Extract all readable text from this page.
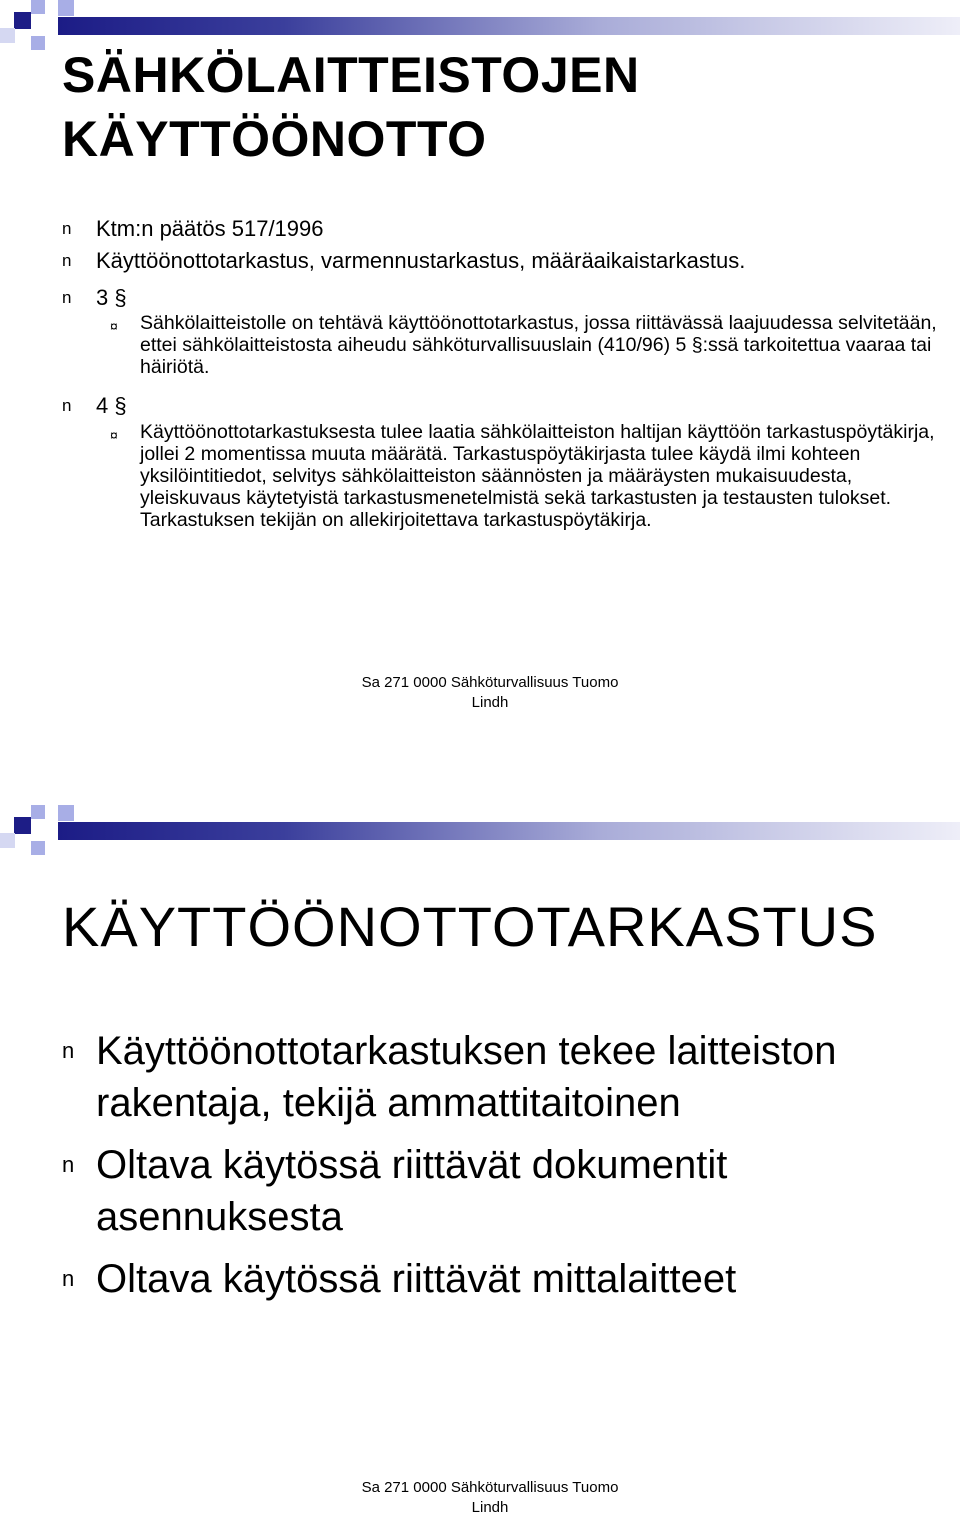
SÄHKÖLAITTEISTOJEN KÄYTTÖÖNOTTO
n Ktm:n päätös 517/1996
n Käyttöönottotarkastus, varmennustarkastus, määräaikaistarkastus.
n 3 §
¤ Sähkölaitteistolle on tehtävä käyttöönottotarkastus, jossa riittävässä laajuudessa selvitetään, ettei sähkölaitteistosta aiheudu sähköturvallisuuslain (410/96) 5 §:ssä tarkoitettua vaaraa tai häiriötä.
n 4 §
¤ Käyttöönottotarkastuksesta tulee laatia sähkölaitteiston haltijan käyttöön tarkastuspöytäkirja, jollei 2 momentissa muuta määrätä. Tarkastuspöytäkirjasta tulee käydä ilmi kohteen yksilöintitiedot, selvitys sähkölaitteiston säännösten ja määräysten mukaisuudesta, yleiskuvaus käytetyistä tarkastusmenetelmistä sekä tarkastusten ja testausten tulokset. Tarkastuksen tekijän on allekirjoitettava tarkastuspöytäkirja.
Sa 271 0000 Sähköturvallisuus Tuomo
Lindh
KÄYTTÖÖNOTTOTARKASTUS
n Käyttöönottotarkastuksen tekee laitteiston
rakentaja, tekijä ammattitaitoinen
n Oltava käytössä riittävät dokumentit
asennuksesta
n Oltava käytössä riittävät mittalaitteet
Sa 271 0000 Sähköturvallisuus Tuomo
Lindh
